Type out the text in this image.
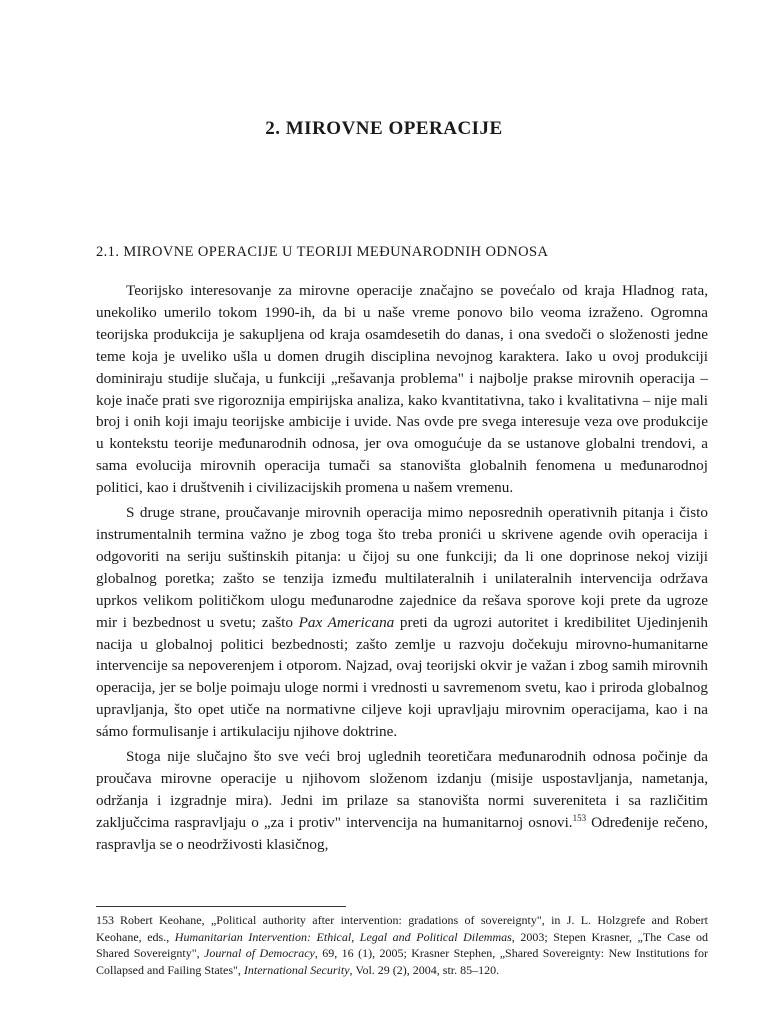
2. MIROVNE OPERACIJE
2.1. MIROVNE OPERACIJE U TEORIJI MEĐUNARODNIH ODNOSA

Teorijsko interesovanje za mirovne operacije značajno se povećalo od kraja Hladnog rata, unekoliko umerilo tokom 1990-ih, da bi u naše vreme ponovo bilo veoma izraženo. Ogromna teorijska produkcija je sakupljena od kraja osamdesetih do danas, i ona svedoči o složenosti jedne teme koja je uveliko ušla u domen drugih disciplina nevojnog karaktera. Iako u ovoj produkciji dominiraju studije slučaja, u funkciji „rešavanja problema" i najbolje prakse mirovnih operacija – koje inače prati sve rigoroznija empirijska analiza, kako kvantitativna, tako i kvalitativna – nije mali broj i onih koji imaju teorijske ambicije i uvide. Nas ovde pre svega interesuje veza ove produkcije u kontekstu teorije međunarodnih odnosa, jer ova omogućuje da se ustanove globalni trendovi, a sama evolucija mirovnih operacija tumači sa stanovišta globalnih fenomena u međunarodnoj politici, kao i društvenih i civilizacijskih promena u našem vremenu.

S druge strane, proučavanje mirovnih operacija mimo neposrednih operativnih pitanja i čisto instrumentalnih termina važno je zbog toga što treba pronići u skrivene agende ovih operacija i odgovoriti na seriju suštinskih pitanja: u čijoj su one funkciji; da li one doprinose nekoj viziji globalnog poretka; zašto se tenzija između multilateralnih i unilateralnih intervencija održava uprkos velikom političkom ulogu međunarodne zajednice da rešava sporove koji prete da ugroze mir i bezbednost u svetu; zašto Pax Americana preti da ugrozi autoritet i kredibilitet Ujedinjenih nacija u globalnoj politici bezbednosti; zašto zemlje u razvoju dočekuju mirovno-humanitarne intervencije sa nepoverenjem i otporom. Najzad, ovaj teorijski okvir je važan i zbog samih mirovnih operacija, jer se bolje poimaju uloge normi i vrednosti u savremenom svetu, kao i priroda globalnog upravljanja, što opet utiče na normativne ciljeve koji upravljaju mirovnim operacijama, kao i na sámo formulisanje i artikulaciju njihove doktrine.

Stoga nije slučajno što sve veći broj uglednih teoretičara međunarodnih odnosa počinje da proučava mirovne operacije u njihovom složenom izdanju (misije uspostavljanja, nametanja, održanja i izgradnje mira). Jedni im prilaze sa stanovišta normi suvereniteta i sa različitim zaključcima raspravljaju o „za i protiv" intervencija na humanitarnoj osnovi.$^{153}$ Određenije rečeno, raspravlja se o neodrživosti klasičnog,

153 Robert Keohane, „Political authority after intervention: gradations of sovereignty", in J. L. Holzgrefe and Robert Keohane, eds., Humanitarian Intervention: Ethical, Legal and Political Dilemmas, 2003; Stepen Krasner, „The Case od Shared Sovereignty", Journal of Democracy, 69, 16 (1), 2005; Krasner Stephen, „Shared Sovereignty: New Institutions for Collapsed and Failing States", International Security, Vol. 29 (2), 2004, str. 85–120.
